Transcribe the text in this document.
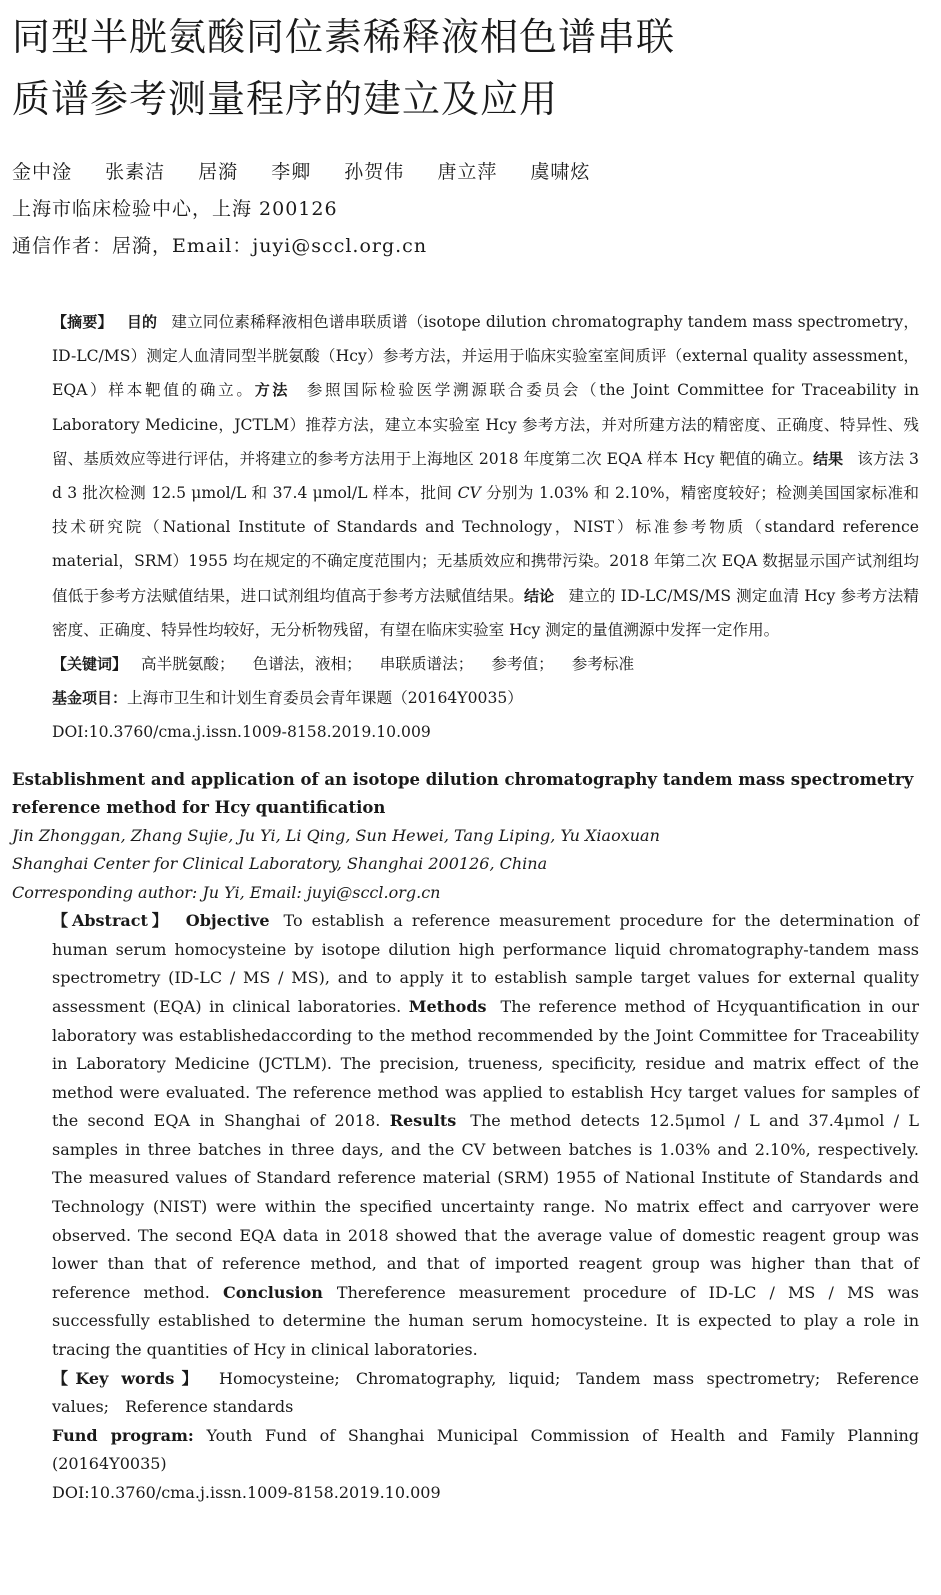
同型半胱氨酸同位素稀释液相色谱串联
质谱参考测量程序的建立及应用
金中淦 张素洁 居漪 李卿 孙贺伟 唐立萍 虞啸炫
上海市临床检验中心，上海 200126
通信作者：居漪，Email：juyi@sccl.org.cn

【摘要】 目的 建立同位素稀释液相色谱串联质谱（isotope dilution chromatography tandem mass spectrometry，ID-LC/MS）测定人血清同型半胱氨酸（Hcy）参考方法，并运用于临床实验室室间质评（external quality assessment，EQA）样本靶值的确立。方法 参照国际检验医学溯源联合委员会（the Joint Committee for Traceability in Laboratory Medicine，JCTLM）推荐方法，建立本实验室 Hcy 参考方法，并对所建方法的精密度、正确度、特异性、残留、基质效应等进行评估，并将建立的参考方法用于上海地区 2018 年度第二次 EQA 样本 Hcy 靶值的确立。结果 该方法 3 d 3 批次检测 12.5 μmol/L 和 37.4 μmol/L 样本，批间 CV 分别为 1.03% 和 2.10%，精密度较好；检测美国国家标准和技术研究院（National Institute of Standards and Technology，NIST）标准参考物质（standard reference material，SRM）1955 均在规定的不确定度范围内；无基质效应和携带污染。2018 年第二次 EQA 数据显示国产试剂组均值低于参考方法赋值结果，进口试剂组均值高于参考方法赋值结果。结论 建立的 ID-LC/MS/MS 测定血清 Hcy 参考方法精密度、正确度、特异性均较好，无分析物残留，有望在临床实验室 Hcy 测定的量值溯源中发挥一定作用。

【关键词】 高半胱氨酸； 色谱法，液相； 串联质谱法； 参考值； 参考标准

基金项目：上海市卫生和计划生育委员会青年课题（20164Y0035）

DOI:10.3760/cma.j.issn.1009-8158.2019.10.009

Establishment and application of an isotope dilution chromatography tandem mass spectrometry reference method for Hcy quantification
Jin Zhonggan, Zhang Sujie, Ju Yi, Li Qing, Sun Hewei, Tang Liping, Yu Xiaoxuan
Shanghai Center for Clinical Laboratory, Shanghai 200126, China
Corresponding author: Ju Yi, Email: juyi@sccl.org.cn

【Abstract】 Objective To establish a reference measurement procedure for the determination of human serum homocysteine by isotope dilution high performance liquid chromatography-tandem mass spectrometry (ID-LC / MS / MS), and to apply it to establish sample target values for external quality assessment (EQA) in clinical laboratories. Methods The reference method of Hcyquantification in our laboratory was establishedaccording to the method recommended by the Joint Committee for Traceability in Laboratory Medicine (JCTLM). The precision, trueness, specificity, residue and matrix effect of the method were evaluated. The reference method was applied to establish Hcy target values for samples of the second EQA in Shanghai of 2018. Results The method detects 12.5μmol / L and 37.4μmol / L samples in three batches in three days, and the CV between batches is 1.03% and 2.10%, respectively. The measured values of Standard reference material (SRM) 1955 of National Institute of Standards and Technology (NIST) were within the specified uncertainty range. No matrix effect and carryover were observed. The second EQA data in 2018 showed that the average value of domestic reagent group was lower than that of reference method, and that of imported reagent group was higher than that of reference method. Conclusion Thereference measurement procedure of ID-LC / MS / MS was successfully established to determine the human serum homocysteine. It is expected to play a role in tracing the quantities of Hcy in clinical laboratories.

【Key words】 Homocysteine; Chromatography, liquid; Tandem mass spectrometry; Reference values; Reference standards

Fund program: Youth Fund of Shanghai Municipal Commission of Health and Family Planning (20164Y0035)

DOI:10.3760/cma.j.issn.1009-8158.2019.10.009
